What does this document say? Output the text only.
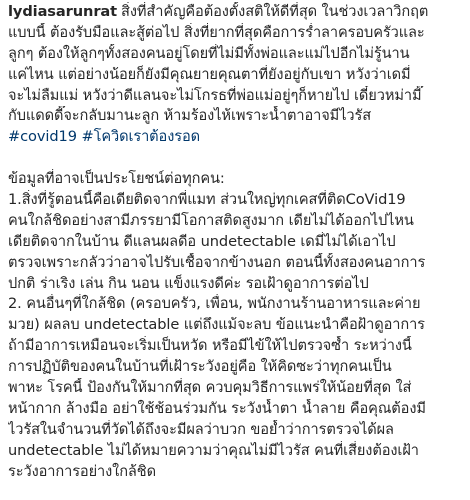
lydiasarunrat สิ่งที่สำคัญคือต้องตั้งสติให้ดีที่สุด ในช่วงเวลาวิกฤต
แบบนี้ ต้องรับมือและสู้ต่อไป สิ่งที่ยากที่สุดคือการร่ำลาครอบครัวและ
ลูกๆ ต้องให้ลูกๆทั้งสองคนอยู่โดยที่ไม่มีทั้งพ่อและแม่ไปอีกไม่รู้นาน
แค่ไหน แต่อย่างน้อยก็ยังมีคุณยายคุณตาที่ยังอยู่กับเขา หวังว่าเดมี่
จะไม่ลืมแม่ หวังว่าดีแลนจะไม่โกรธที่พ่อแม่อยู่ๆก็หายไป เดี๋ยวหม่ามี๊
กับแดดดี๊จะกลับมานะลูก ห้ามร้องไห้เพราะน้ำตาอาจมีไวรัส
#covid19 #โควิดเราต้องรอด
ข้อมูลที่อาจเป็นประโยชน์ต่อทุกคน:
1.สิ่งที่รู้ตอนนี้คือเดียติดจากพี่แมท ส่วนใหญ่ทุกเคสที่ติดCoVid19
คนใกล้ชิดอย่างสามีภรรยามีโอกาสติดสูงมาก เดียไม่ได้ออกไปไหน
เดียติดจากในบ้าน ดีแลนผลดีอ undetectable เดมี่ไม่ได้เอาไป
ตรวจเพราะกลัวว่าอาจไปรับเชื้อจากข้างนอก ตอนนี้ทั้งสองคนอาการ
ปกติ ร่าเริง เล่น กิน นอน แข็งแรงดีค่ะ รอเฝ้าดูอาการต่อไป
2. คนอื่นๆที่ใกล้ชิด (ครอบครัว, เพื่อน, พนักงานร้านอาหารและค่าย
มวย) ผลลบ undetectable แต่ถึงแม้จะลบ ข้อแนะนำคือฝ้าดูอาการ
ถ้ามีอาการเหมือนจะเริ่มเป็นหวัด หรือมีไข้ให้ไปตรวจซ้ำ ระหว่างนี้
การปฏิบัติของคนในบ้านที่เฝ้าระวังอยู่คือ ให้คิดซะว่าทุกคนเป็น
พาหะ โรคนี้ ป้องกันให้มากที่สุด ควบคุมวิธีการแพร่ให้น้อยที่สุด ใส่
หน้ากาก ล้างมือ อย่าใช้ช้อนร่วมกัน ระวังน้ำตา น้ำลาย คือคุณต้องมี
ไวรัสในจำนวนที่วัดได้ถึงจะมีผลว่าบวก ขอย้ำว่าการตรวจได้ผล
undetectable ไม่ได้หมายความว่าคุณไม่มีไวรัส คนที่เสี่ยงต้องเฝ้า
ระวังอาการอย่างใกล้ชิด
